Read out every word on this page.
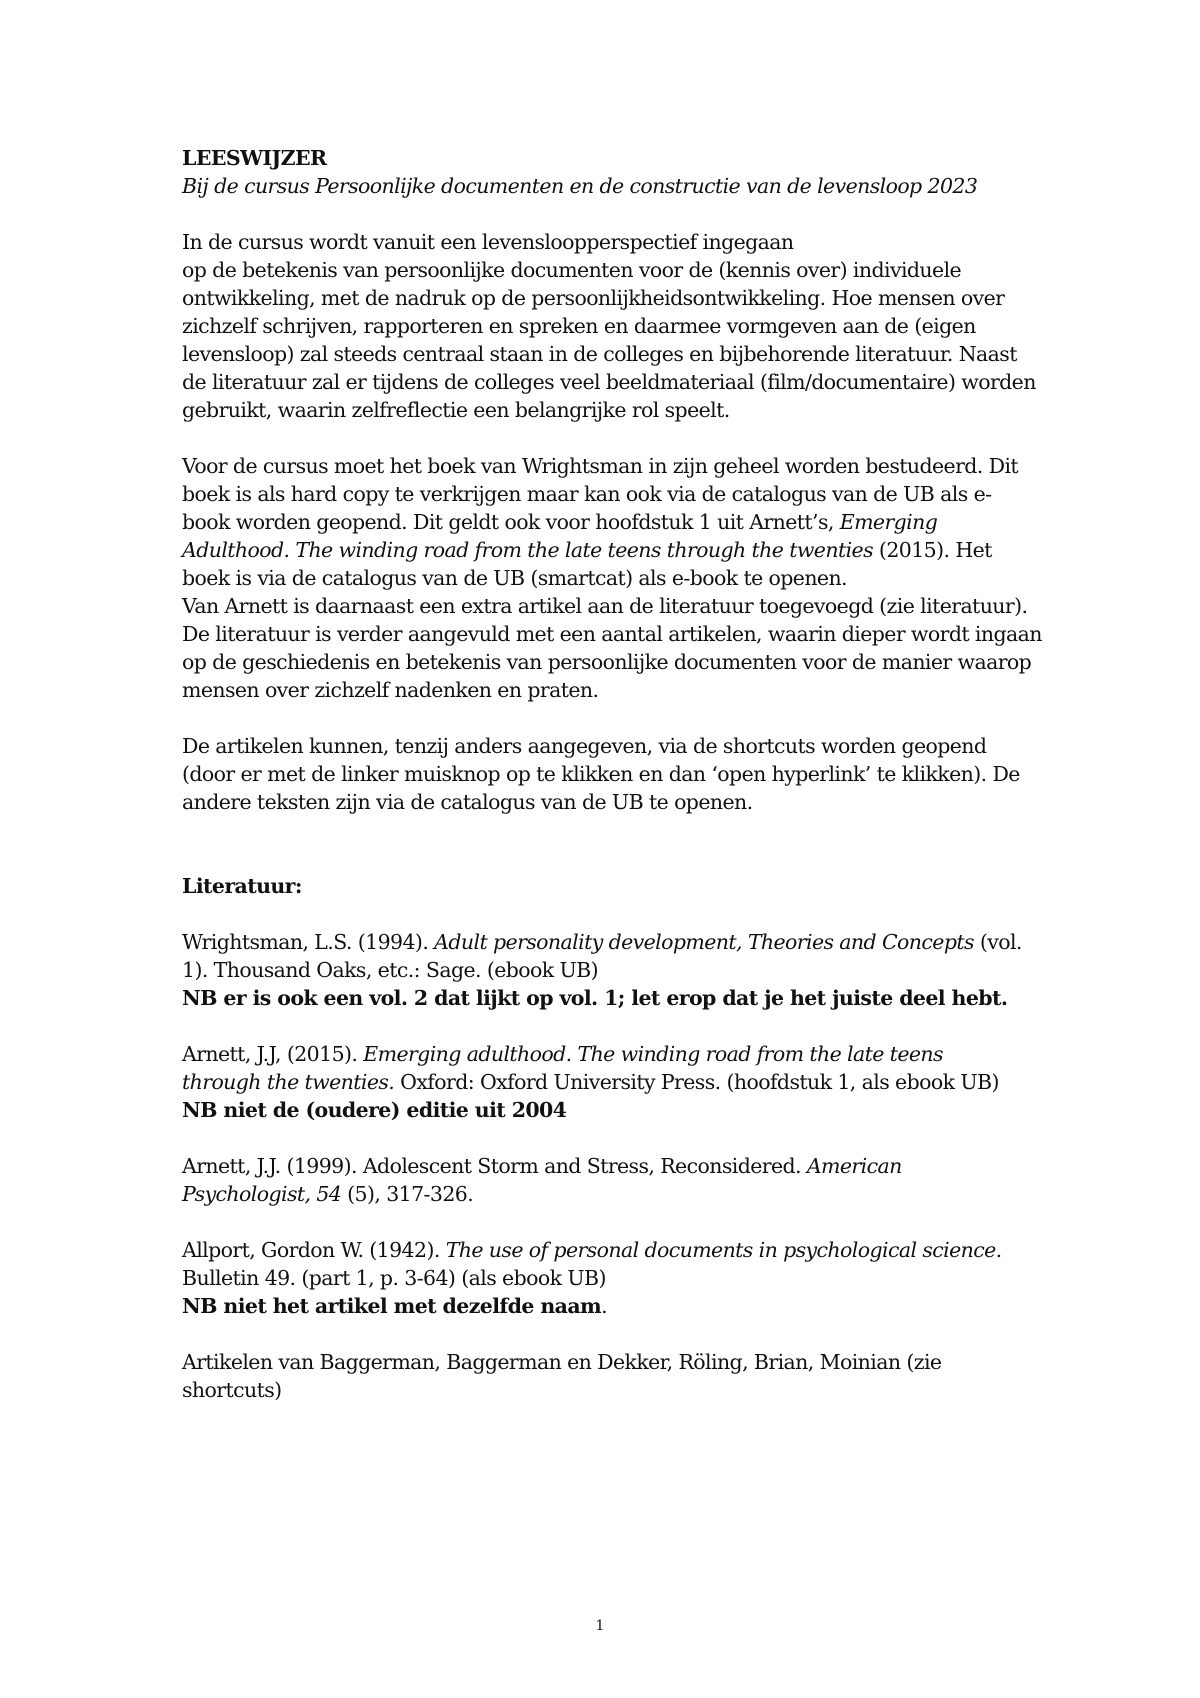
LEESWIJZER
Bij de cursus Persoonlijke documenten en de constructie van de levensloop 2023
In de cursus wordt vanuit een levensloopperspectief ingegaan
op de betekenis van persoonlijke documenten voor de (kennis over) individuele
ontwikkeling, met de nadruk op de persoonlijkheidsontwikkeling. Hoe mensen over
zichzelf schrijven, rapporteren en spreken en daarmee vormgeven aan de (eigen
levensloop) zal steeds centraal staan in de colleges en bijbehorende literatuur. Naast
de literatuur zal er tijdens de colleges veel beeldmateriaal (film/documentaire) worden
gebruikt, waarin zelfreflectie een belangrijke rol speelt.
Voor de cursus moet het boek van Wrightsman in zijn geheel worden bestudeerd. Dit
boek is als hard copy te verkrijgen maar kan ook via de catalogus van de UB als e-
book worden geopend. Dit geldt ook voor hoofdstuk 1 uit Arnett’s, Emerging
Adulthood. The winding road from the late teens through the twenties (2015). Het
boek is via de catalogus van de UB (smartcat) als e-book te openen.
Van Arnett is daarnaast een extra artikel aan de literatuur toegevoegd (zie literatuur).
De literatuur is verder aangevuld met een aantal artikelen, waarin dieper wordt ingaan
op de geschiedenis en betekenis van persoonlijke documenten voor de manier waarop
mensen over zichzelf nadenken en praten.
De artikelen kunnen, tenzij anders aangegeven, via de shortcuts worden geopend
(door er met de linker muisknop op te klikken en dan ‘open hyperlink’ te klikken). De
andere teksten zijn via de catalogus van de UB te openen.
Literatuur:
Wrightsman, L.S. (1994). Adult personality development, Theories and Concepts (vol.
1). Thousand Oaks, etc.: Sage. (ebook UB)
NB er is ook een vol. 2 dat lijkt op vol. 1; let erop dat je het juiste deel hebt.
Arnett, J.J, (2015). Emerging adulthood. The winding road from the late teens
through the twenties. Oxford: Oxford University Press. (hoofdstuk 1, als ebook UB)
NB niet de (oudere) editie uit 2004
Arnett, J.J. (1999). Adolescent Storm and Stress, Reconsidered. American
Psychologist, 54 (5), 317-326.
Allport, Gordon W. (1942). The use of personal documents in psychological science.
Bulletin 49. (part 1, p. 3-64) (als ebook UB)
NB niet het artikel met dezelfde naam.
Artikelen van Baggerman, Baggerman en Dekker, Röling, Brian, Moinian (zie
shortcuts)
1
